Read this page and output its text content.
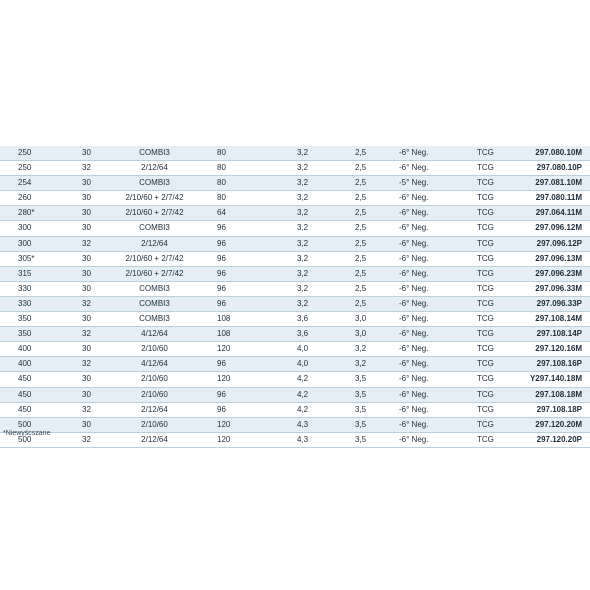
250	30	COMBI3	80	3,2	2,5	-6° Neg.	TCG	297.080.10M
250	32	2/12/64	80	3,2	2,5	-6° Neg.	TCG	297.080.10P
254	30	COMBI3	80	3,2	2,5	-5° Neg.	TCG	297.081.10M
260	30	2/10/60 + 2/7/42	80	3,2	2,5	-6° Neg.	TCG	297.080.11M
280*	30	2/10/60 + 2/7/42	64	3,2	2,5	-6° Neg.	TCG	297.064.11M
300	30	COMBI3	96	3,2	2,5	-6° Neg.	TCG	297.096.12M
300	32	2/12/64	96	3,2	2,5	-6° Neg.	TCG	297.096.12P
305*	30	2/10/60 + 2/7/42	96	3,2	2,5	-6° Neg.	TCG	297.096.13M
315	30	2/10/60 + 2/7/42	96	3,2	2,5	-6° Neg.	TCG	297.096.23M
330	30	COMBI3	96	3,2	2,5	-6° Neg.	TCG	297.096.33M
330	32	COMBI3	96	3,2	2,5	-6° Neg.	TCG	297.096.33P
350	30	COMBI3	108	3,6	3,0	-6° Neg.	TCG	297.108.14M
350	32	4/12/64	108	3,6	3,0	-6° Neg.	TCG	297.108.14P
400	30	2/10/60	120	4,0	3,2	-6° Neg.	TCG	297.120.16M
400	32	4/12/64	96	4,0	3,2	-6° Neg.	TCG	297.108.16P
450	30	2/10/60	120	4,2	3,5	-6° Neg.	TCG	Y297.140.18M
450	30	2/10/60	96	4,2	3,5	-6° Neg.	TCG	297.108.18M
450	32	2/12/64	96	4,2	3,5	-6° Neg.	TCG	297.108.18P
500	30	2/10/60	120	4,3	3,5	-6° Neg.	TCG	297.120.20M
500	32	2/12/64	120	4,3	3,5	-6° Neg.	TCG	297.120.20P
*Niewyścszane
